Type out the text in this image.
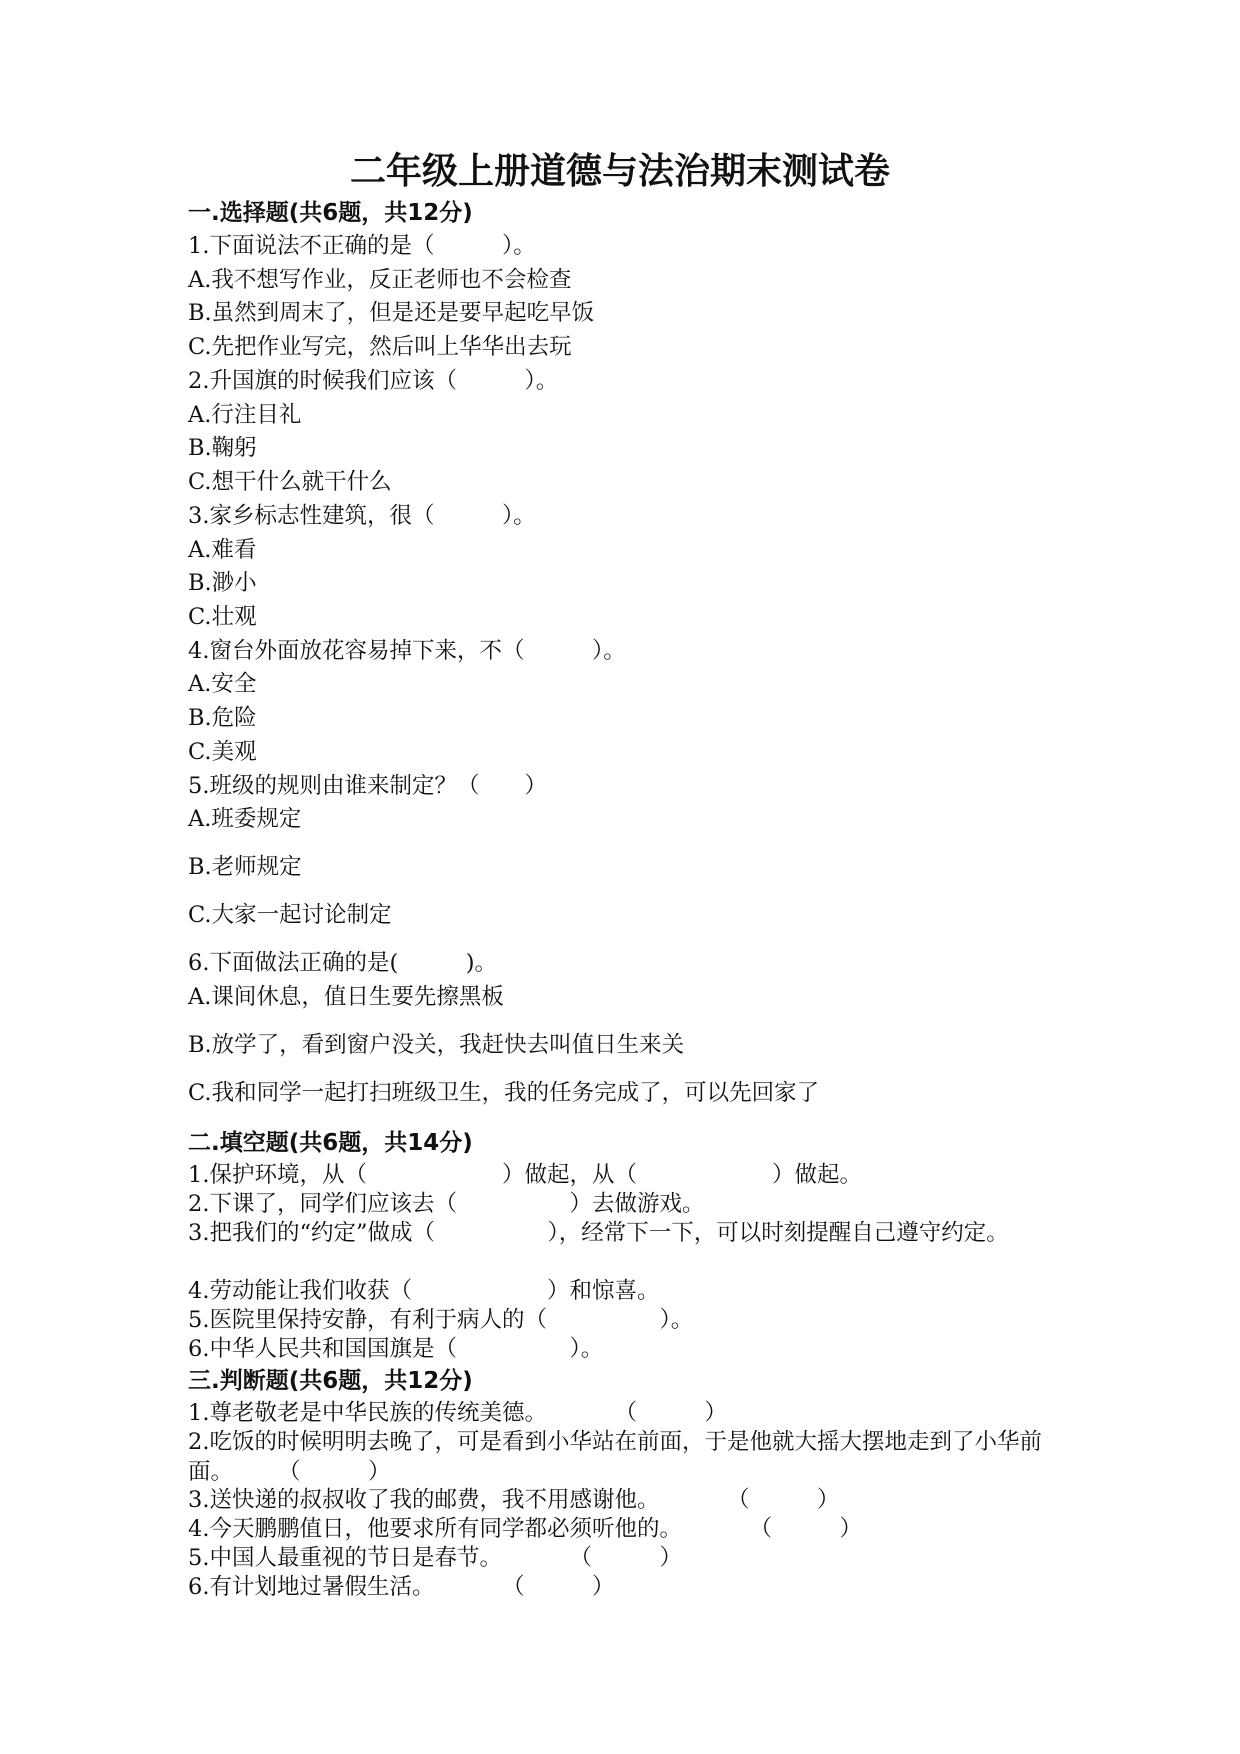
二年级上册道德与法治期末测试卷
一.选择题(共6题，共12分)
1.下面说法不正确的是（　　　）。
A.我不想写作业，反正老师也不会检查
B.虽然到周末了，但是还是要早起吃早饭
C.先把作业写完，然后叫上华华出去玩
2.升国旗的时候我们应该（　　　）。
A.行注目礼
B.鞠躬
C.想干什么就干什么
3.家乡标志性建筑，很（　　　）。
A.难看
B.渺小
C.壮观
4.窗台外面放花容易掉下来，不（　　　）。
A.安全
B.危险
C.美观
5.班级的规则由谁来制定？（　　）
A.班委规定
B.老师规定
C.大家一起讨论制定
6.下面做法正确的是(　　　)。
A.课间休息，值日生要先擦黑板
B.放学了，看到窗户没关，我赶快去叫值日生来关
C.我和同学一起打扫班级卫生，我的任务完成了，可以先回家了
二.填空题(共6题，共14分)
1.保护环境，从（　　　　　　）做起，从（　　　　　　）做起。
2.下课了，同学们应该去（　　　　　）去做游戏。
3.把我们的“约定”做成（　　　　　），经常下一下，可以时刻提醒自己遵守约定。
4.劳动能让我们收获（　　　　　　）和惊喜。
5.医院里保持安静，有利于病人的（　　　　　）。
6.中华人民共和国国旗是（　　　　　）。
三.判断题(共6题，共12分)
1.尊老敬老是中华民族的传统美德。　　　　（　　　）
2.吃饭的时候明明去晚了，可是看到小华站在前面，于是他就大摇大摆地走到了小华前面。　　　（　　　）
3.送快递的叔叔收了我的邮费，我不用感谢他。　　　　（　　　）
4.今天鹏鹏值日，他要求所有同学都必须听他的。　　　　（　　　）
5.中国人最重视的节日是春节。　　　　（　　　）
6.有计划地过暑假生活。　　　　（　　　）
